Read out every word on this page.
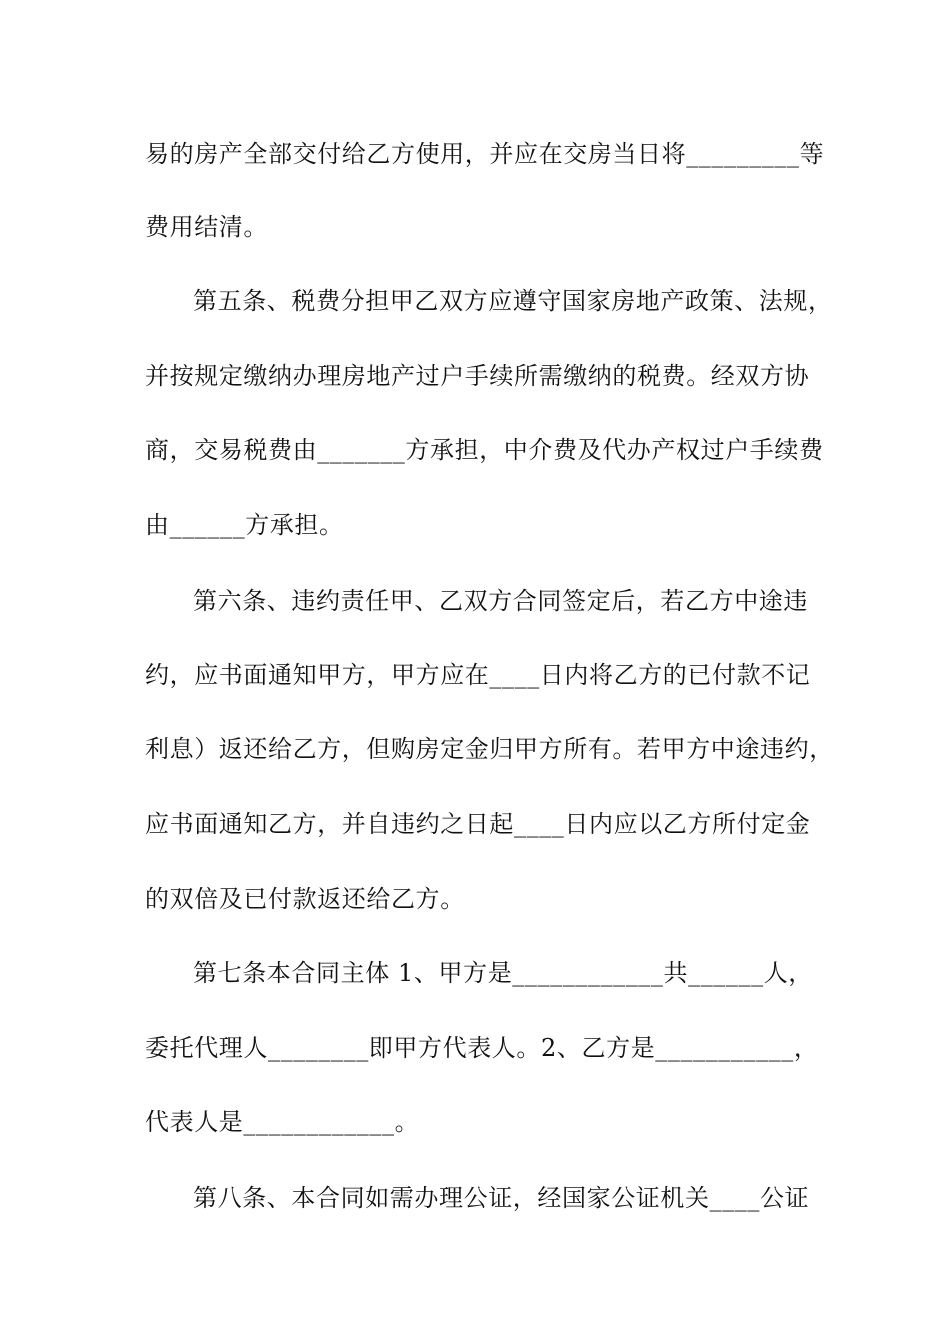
易的房产全部交付给乙方使用，并应在交房当日将_________等
费用结清。
第五条、税费分担甲乙双方应遵守国家房地产政策、法规，
并按规定缴纳办理房地产过户手续所需缴纳的税费。经双方协
商，交易税费由_______方承担，中介费及代办产权过户手续费
由______方承担。
第六条、违约责任甲、乙双方合同签定后，若乙方中途违
约，应书面通知甲方，甲方应在____日内将乙方的已付款不记
利息）返还给乙方，但购房定金归甲方所有。若甲方中途违约，
应书面通知乙方，并自违约之日起____日内应以乙方所付定金
的双倍及已付款返还给乙方。
第七条本合同主体 1、甲方是____________共______人，
委托代理人________即甲方代表人。2、乙方是___________，
代表人是____________。
第八条、本合同如需办理公证，经国家公证机关____公证
